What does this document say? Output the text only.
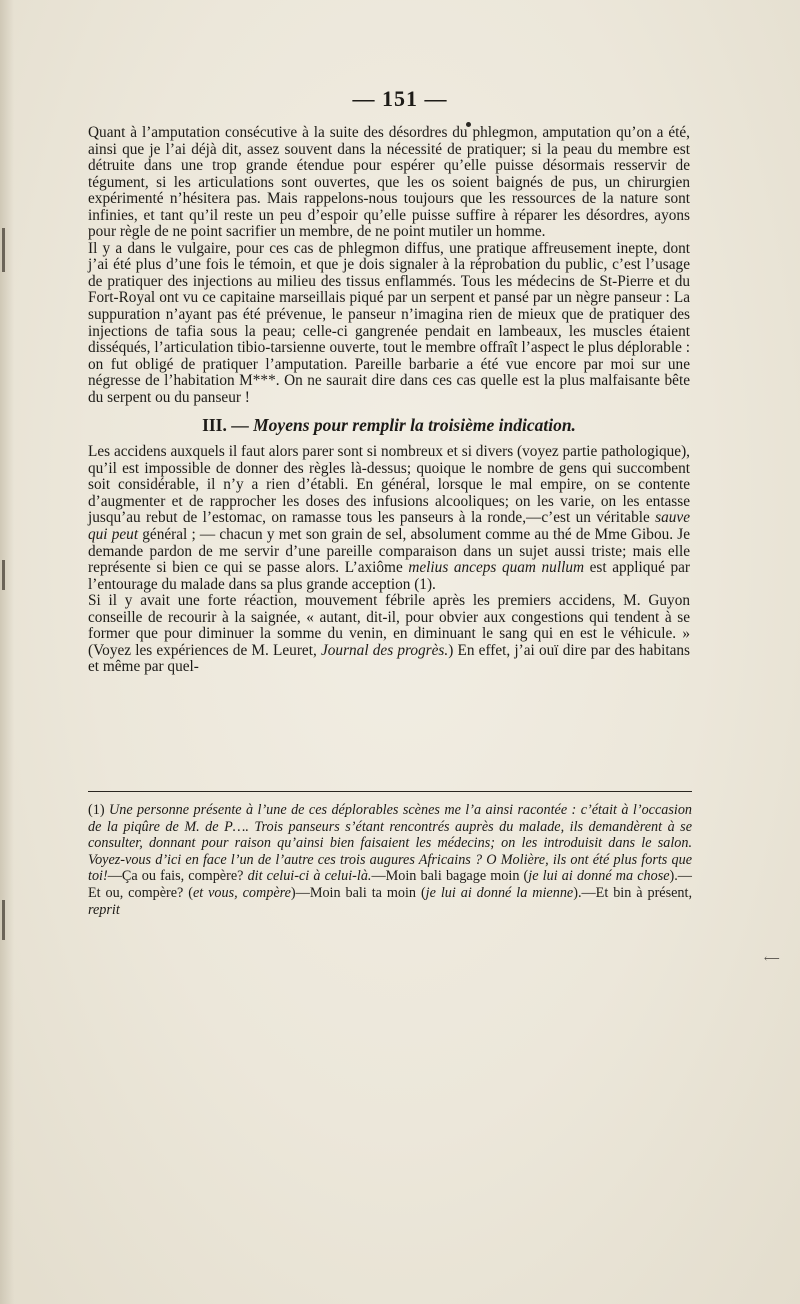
— 151 —

Quant à l’amputation consécutive à la suite des désordres du phlegmon, amputation qu’on a été, ainsi que je l’ai déjà dit, assez souvent dans la nécessité de pratiquer; si la peau du membre est détruite dans une trop grande étendue pour espérer qu’elle puisse désormais resservir de tégument, si les articulations sont ouvertes, que les os soient baignés de pus, un chirurgien expérimenté n’hésitera pas. Mais rappelons-nous toujours que les ressources de la nature sont infinies, et tant qu’il reste un peu d’espoir qu’elle puisse suffire à réparer les désordres, ayons pour règle de ne point sacrifier un membre, de ne point mutiler un homme.

Il y a dans le vulgaire, pour ces cas de phlegmon diffus, une pratique affreusement inepte, dont j’ai été plus d’une fois le témoin, et que je dois signaler à la réprobation du public, c’est l’usage de pratiquer des injections au milieu des tissus enflammés. Tous les médecins de St-Pierre et du Fort-Royal ont vu ce capitaine marseillais piqué par un serpent et pansé par un nègre panseur : La suppuration n’ayant pas été prévenue, le panseur n’imagina rien de mieux que de pratiquer des injections de tafia sous la peau; celle-ci gangrenée pendait en lambeaux, les muscles étaient disséqués, l’articulation tibio-tarsienne ouverte, tout le membre offraît l’aspect le plus déplorable : on fut obligé de pratiquer l’amputation. Pareille barbarie a été vue encore par moi sur une négresse de l’habitation M***. On ne saurait dire dans ces cas quelle est la plus malfaisante bête du serpent ou du panseur !

III. — Moyens pour remplir la troisième indication.

Les accidens auxquels il faut alors parer sont si nombreux et si divers (voyez partie pathologique), qu’il est impossible de donner des règles là-dessus; quoique le nombre de gens qui succombent soit considérable, il n’y a rien d’établi. En général, lorsque le mal empire, on se contente d’augmenter et de rapprocher les doses des infusions alcooliques; on les varie, on les entasse jusqu’au rebut de l’estomac, on ramasse tous les panseurs à la ronde,—c’est un véritable sauve qui peut général ; — chacun y met son grain de sel, absolument comme au thé de Mme Gibou. Je demande pardon de me servir d’une pareille comparaison dans un sujet aussi triste; mais elle représente si bien ce qui se passe alors. L’axiôme melius anceps quam nullum est appliqué par l’entourage du malade dans sa plus grande acception (1).

Si il y avait une forte réaction, mouvement fébrile après les premiers accidens, M. Guyon conseille de recourir à la saignée, « autant, dit-il, pour obvier aux congestions qui tendent à se former que pour diminuer la somme du venin, en diminuant le sang qui en est le véhicule. » (Voyez les expériences de M. Leuret, Journal des progrès.) En effet, j’ai ouï dire par des habitans et même par quel-

(1) Une personne présente à l’une de ces déplorables scènes me l’a ainsi racontée : c’était à l’occasion de la piqûre de M. de P…. Trois panseurs s’étant rencontrés auprès du malade, ils demandèrent à se consulter, donnant pour raison qu’ainsi bien faisaient les médecins; on les introduisit dans le salon. Voyez-vous d’ici en face l’un de l’autre ces trois augures Africains ? O Molière, ils ont été plus forts que toi!—Ça ou fais, compère? dit celui-ci à celui-là.—Moin bali bagage moin (je lui ai donné ma chose).—Et ou, compère? (et vous, compère)—Moin bali ta moin (je lui ai donné la mienne).—Et bin à présent, reprit

⟵
